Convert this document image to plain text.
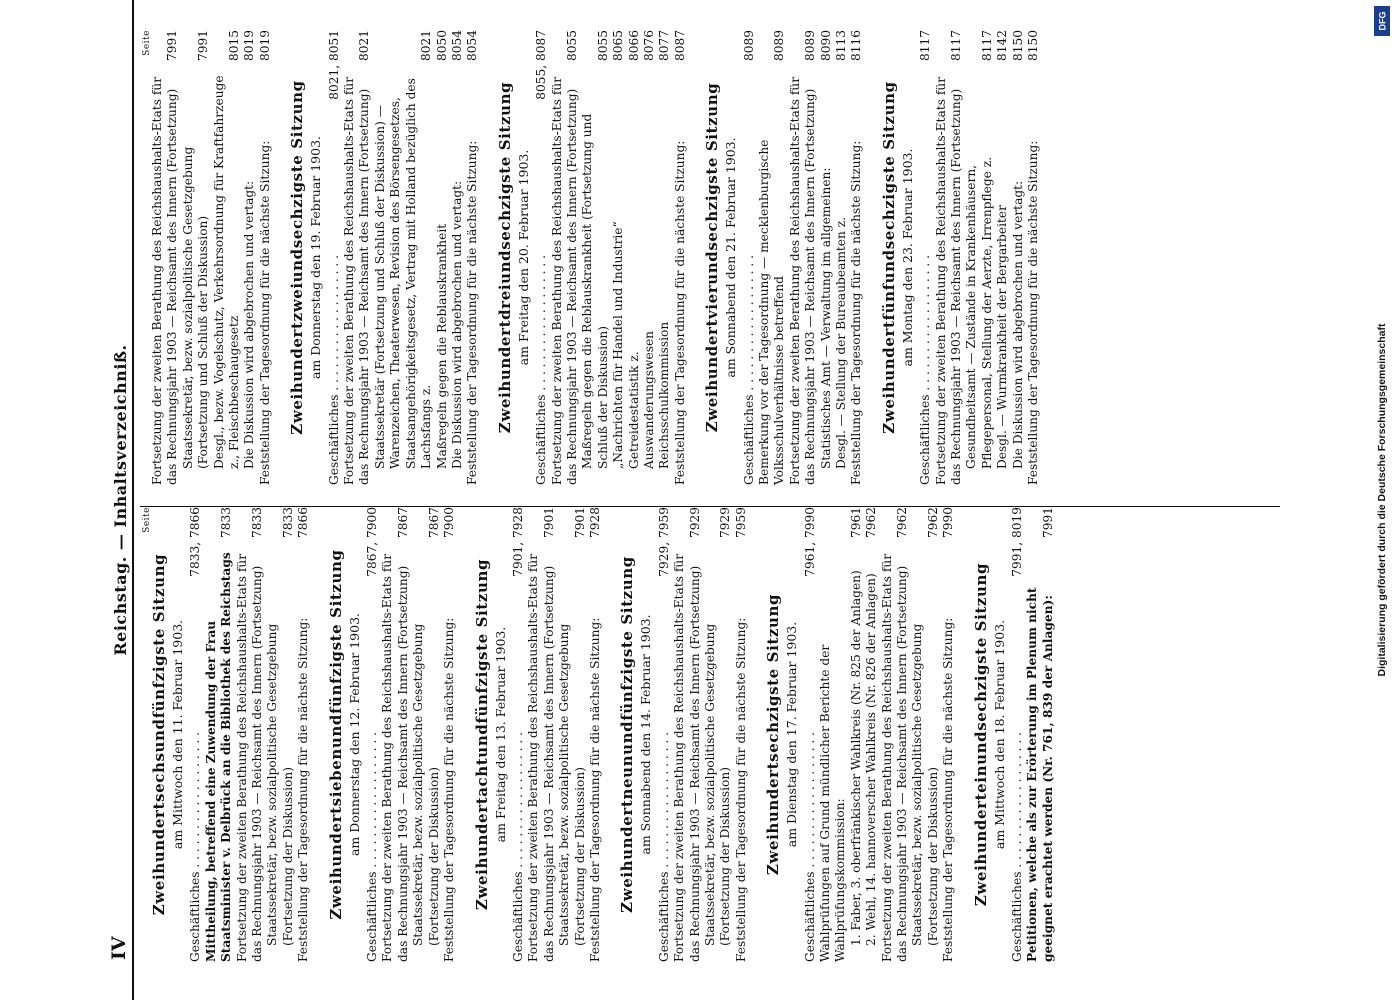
IV
Reichstag. — Inhaltsverzeichniß. Seite
Zweihundertsechsundfünfzigste Sitzung am Mittwoch den 11. Februar 1903. Geschäftliches . . . . . . . . . . . . . . . . . .
7833, 7866
Mittheilung, betreffend eine Zuwendung der Frau Staatsminister v. Delbrück an die Bibliothek des Reichstags
7833
Fortsetzung der zweiten Berathung des Reichshaushalts-Etats für das Rechnungsjahr 1903 — Reichsamt des Innern (Fortsetzung)
7833
Staatssekretär, bezw. sozialpolitische Gesetzgebung (Fortsetzung der Diskussion)
7833
Feststellung der Tagesordnung für die nächste Sitzung:
7866
Zweihundertsiebenundfünfzigste Sitzung am Donnerstag den 12. Februar 1903. Geschäftliches . . . . . . . . . . . . . . . . . .
7867, 7900
Fortsetzung der zweiten Berathung des Reichshaushalts-Etats für das Rechnungsjahr 1903 — Reichsamt des Innern (Fortsetzung)
7867
Staatssekretär, bezw. sozialpolitische Gesetzgebung (Fortsetzung der Diskussion)
7867
Feststellung der Tagesordnung für die nächste Sitzung:
7900
Zweihundertachtundfünfzigste Sitzung am Freitag den 13. Februar 1903. Geschäftliches . . . . . . . . . . . . . . . . . .
7901, 7928
Fortsetzung der zweiten Berathung des Reichshaushalts-Etats für das Rechnungsjahr 1903 — Reichsamt des Innern (Fortsetzung)
7901
Staatssekretär, bezw. sozialpolitische Gesetzgebung (Fortsetzung der Diskussion)
7901
Feststellung der Tagesordnung für die nächste Sitzung:
7928
Zweihundertneunundfünfzigste Sitzung am Sonnabend den 14. Februar 1903. Geschäftliches . . . . . . . . . . . . . . . . . .
7929, 7959
Fortsetzung der zweiten Berathung des Reichshaushalts-Etats für das Rechnungsjahr 1903 — Reichsamt des Innern (Fortsetzung)
7929
Staatssekretär, bezw. sozialpolitische Gesetzgebung (Fortsetzung der Diskussion)
7929
Feststellung der Tagesordnung für die nächste Sitzung:
7959
Zweihundertsechzigste Sitzung am Dienstag den 17. Februar 1903. Geschäftliches . . . . . . . . . . . . . . . . . .
7961, 7990
Wahlprüfungen auf Grund mündlicher Berichte der Wahlprüfungskommission: 1. Faber, 3. oberfränkischer Wahlkreis (Nr. 825 der Anlagen)
7961
2. Wehl, 14. hannoverscher Wahlkreis (Nr. 826 der Anlagen)
7962
Fortsetzung der zweiten Berathung des Reichshaushalts-Etats für das Rechnungsjahr 1903 — Reichsamt des Innern (Fortsetzung)
7962
Staatssekretär, bezw. sozialpolitische Gesetzgebung (Fortsetzung der Diskussion)
7962
Feststellung der Tagesordnung für die nächste Sitzung:
7990
Zweihunderteinundsechzigste Sitzung am Mittwoch den 18. Februar 1903. Geschäftliches . . . . . . . . . . . . . . . . . .
7991, 8019
Petitionen, welche als zur Erörterung im Plenum nicht geeignet erachtet werden (Nr. 761, 839 der Anlagen):
7991
Seite
Fortsetzung der zweiten Berathung des Reichshaushalts-Etats für das Rechnungsjahr 1903 — Reichsamt des Innern (Fortsetzung)
7991
Staatssekretär, bezw. sozialpolitische Gesetzgebung (Fortsetzung und Schluß der Diskussion)
7991
Desgl., bezw. Vogelschutz, Verkehrsordnung für Kraftfahrzeuge z., Fleischbeschaugesetz
8015
Die Diskussion wird abgebrochen und vertagt:
8019
Feststellung der Tagesordnung für die nächste Sitzung:
8019
Zweihundertzweiundsechzigste Sitzung am Donnerstag den 19. Februar 1903. Geschäftliches . . . . . . . . . . . . . . . . . .
8021, 8051
Fortsetzung der zweiten Berathung des Reichshaushalts-Etats für das Rechnungsjahr 1903 — Reichsamt des Innern (Fortsetzung)
8021
Staatssekretär (Fortsetzung und Schluß der Diskussion) — Warenzeichen, Theaterwesen, Revision des Börsengesetzes, Staatsangehörigkeitsgesetz, Vertrag mit Holland bezüglich des Lachsfangs z.
8021
Maßregeln gegen die Reblauskrankheit
8050
Die Diskussion wird abgebrochen und vertagt:
8054
Feststellung der Tagesordnung für die nächste Sitzung:
8054
Zweihundertdreiundsechzigste Sitzung am Freitag den 20. Februar 1903. Geschäftliches . . . . . . . . . . . . . . . . . .
8055, 8087
Fortsetzung der zweiten Berathung des Reichshaushalts-Etats für das Rechnungsjahr 1903 — Reichsamt des Innern (Fortsetzung)
8055
Maßregeln gegen die Reblauskrankheit (Fortsetzung und Schluß der Diskussion)
8055
„Nachrichten für Handel und Industrie“
8065
Getreidestatistik z.
8066
Auswanderungswesen
8076
Reichsschulkommission
8077
Feststellung der Tagesordnung für die nächste Sitzung:
8087
Zweihundertvierundsechzigste Sitzung am Sonnabend den 21. Februar 1903. Geschäftliches . . . . . . . . . . . . . . . . . .
8089
Bemerkung vor der Tagesordnung — mecklenburgische Volksschulverhältnisse betreffend
8089
Fortsetzung der zweiten Berathung des Reichshaushalts-Etats für das Rechnungsjahr 1903 — Reichsamt des Innern (Fortsetzung)
8089
Statistisches Amt — Verwaltung im allgemeinen:
8090
Desgl. — Stellung der Bureaubeamten z.
8113
Feststellung der Tagesordnung für die nächste Sitzung:
8116
Zweihundertfünfundsechzigste Sitzung am Montag den 23. Februar 1903. Geschäftliches . . . . . . . . . . . . . . . . . .
8117
Fortsetzung der zweiten Berathung des Reichshaushalts-Etats für das Rechnungsjahr 1903 — Reichsamt des Innern (Fortsetzung)
8117
Gesundheitsamt — Zustände in Krankenhäusern, Pflegepersonal, Stellung der Aerzte, Irrenpflege z.
8117
Desgl. — Wurmkrankheit der Bergarbeiter
8142
Die Diskussion wird abgebrochen und vertagt:
8150
Feststellung der Tagesordnung für die nächste Sitzung:
8150
DFG
Digitalisierung gefördert durch die Deutsche Forschungsgemeinschaft
